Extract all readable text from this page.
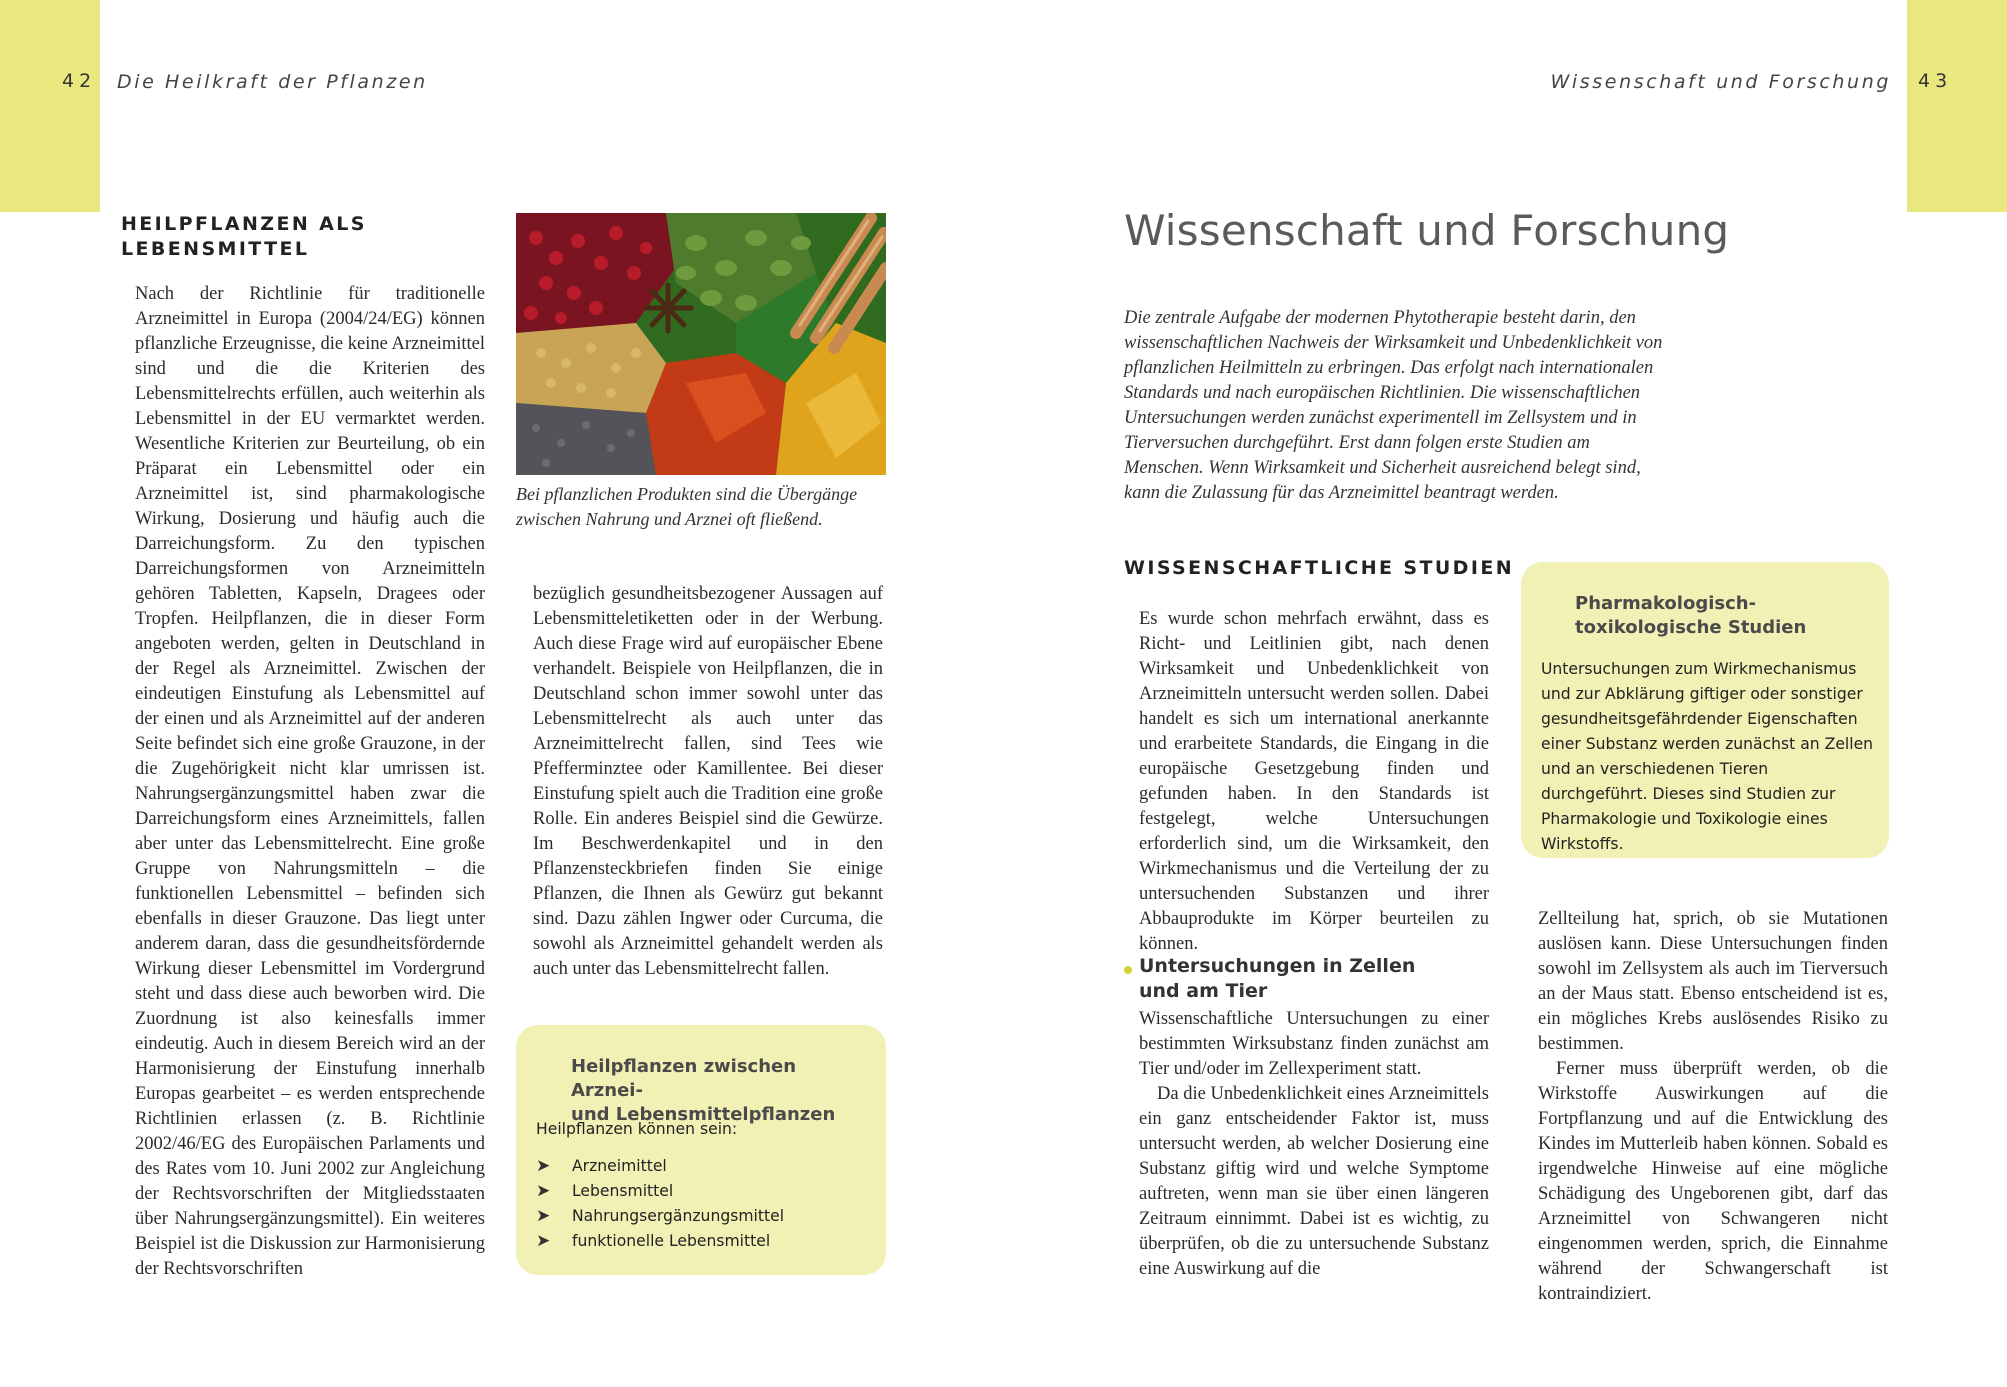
42 Die Heilkraft der Pflanzen	Wissenschaft und Forschung 43
HEILPFLANZEN ALS
LEBENSMITTEL

Nach der Richtlinie für traditionelle Arzneimittel in Europa (2004/24/EG) können pflanzliche Erzeugnisse, die keine Arzneimittel sind und die die Kriterien des Lebensmittelrechts erfüllen, auch weiterhin als Lebensmittel in der EU vermarktet werden. Wesentliche Kriterien zur Beurteilung, ob ein Präparat ein Lebensmittel oder ein Arzneimittel ist, sind pharmakologische Wirkung, Dosierung und häufig auch die Darreichungsform. Zu den typischen Darreichungsformen von Arzneimitteln gehören Tabletten, Kapseln, Dragees oder Tropfen. Heilpflanzen, die in dieser Form angeboten werden, gelten in Deutschland in der Regel als Arzneimittel. Zwischen der eindeutigen Einstufung als Lebensmittel auf der einen und als Arzneimittel auf der anderen Seite befindet sich eine große Grauzone, in der die Zugehörigkeit nicht klar umrissen ist. Nahrungsergänzungsmittel haben zwar die Darreichungsform eines Arzneimittels, fallen aber unter das Lebensmittelrecht. Eine große Gruppe von Nahrungsmitteln – die funktionellen Lebensmittel – befinden sich ebenfalls in dieser Grauzone. Das liegt unter anderem daran, dass die gesundheitsfördernde Wirkung dieser Lebensmittel im Vordergrund steht und dass diese auch beworben wird. Die Zuordnung ist also keinesfalls immer eindeutig. Auch in diesem Bereich wird an der Harmonisierung der Einstufung innerhalb Europas gearbeitet – es werden entsprechende Richtlinien erlassen (z. B. Richtlinie 2002/46/EG des Europäischen Parlaments und des Rates vom 10. Juni 2002 zur Angleichung der Rechtsvorschriften der Mitgliedsstaaten über Nahrungsergänzungsmittel). Ein weiteres Beispiel ist die Diskussion zur Harmonisierung der Rechtsvorschriften

Bei pflanzlichen Produkten sind die Übergänge zwischen Nahrung und Arznei oft fließend.

bezüglich gesundheitsbezogener Aussagen auf Lebensmitteletiketten oder in der Werbung. Auch diese Frage wird auf europäischer Ebene verhandelt. Beispiele von Heilpflanzen, die in Deutschland schon immer sowohl unter das Lebensmittelrecht als auch unter das Arzneimittelrecht fallen, sind Tees wie Pfefferminztee oder Kamillentee. Bei dieser Einstufung spielt auch die Tradition eine große Rolle. Ein anderes Beispiel sind die Gewürze. Im Beschwerdenkapitel und in den Pflanzensteckbriefen finden Sie einige Pflanzen, die Ihnen als Gewürz gut bekannt sind. Dazu zählen Ingwer oder Curcuma, die sowohl als Arzneimittel gehandelt werden als auch unter das Lebensmittelrecht fallen.

Heilpflanzen zwischen Arznei-
und Lebensmittelpflanzen
Heilpflanzen können sein:
➤	Arzneimittel
➤	Lebensmittel
➤	Nahrungsergänzungsmittel
➤	funktionelle Lebensmittel
Wissenschaft und Forschung
Die zentrale Aufgabe der modernen Phytotherapie besteht darin, den wissenschaftlichen Nachweis der Wirksamkeit und Unbedenklichkeit von pflanzlichen Heilmitteln zu erbringen. Das erfolgt nach internationalen Standards und nach europäischen Richtlinien. Die wissenschaftlichen Untersuchungen werden zunächst experimentell im Zellsystem und in Tierversuchen durchgeführt. Erst dann folgen erste Studien am Menschen. Wenn Wirksamkeit und Sicherheit ausreichend belegt sind, kann die Zulassung für das Arzneimittel beantragt werden.
WISSENSCHAFTLICHE STUDIEN

Es wurde schon mehrfach erwähnt, dass es Richt- und Leitlinien gibt, nach denen Wirksamkeit und Unbedenklichkeit von Arzneimitteln untersucht werden sollen. Dabei handelt es sich um international anerkannte und erarbeitete Standards, die Eingang in die europäische Gesetzgebung finden und gefunden haben. In den Standards ist festgelegt, welche Untersuchungen erforderlich sind, um die Wirksamkeit, den Wirkmechanismus und die Verteilung der zu untersuchenden Substanzen und ihrer Abbauprodukte im Körper beurteilen zu können.

Untersuchungen in Zellen
und am Tier

Wissenschaftliche Untersuchungen zu einer bestimmten Wirksubstanz finden zunächst am Tier und/oder im Zellexperiment statt.

Da die Unbedenklichkeit eines Arzneimittels ein ganz entscheidender Faktor ist, muss untersucht werden, ab welcher Dosierung eine Substanz giftig wird und welche Symptome auftreten, wenn man sie über einen längeren Zeitraum einnimmt. Dabei ist es wichtig, zu überprüfen, ob die zu untersuchende Substanz eine Auswirkung auf die

Pharmakologisch-
toxikologische Studien
Untersuchungen zum Wirkmechanismus und zur Abklärung giftiger oder sonstiger gesundheitsgefährdender Eigenschaften einer Substanz werden zunächst an Zellen und an verschiedenen Tieren durchgeführt. Dieses sind Studien zur Pharmakologie und Toxikologie eines Wirkstoffs.

Zellteilung hat, sprich, ob sie Mutationen auslösen kann. Diese Untersuchungen finden sowohl im Zellsystem als auch im Tierversuch an der Maus statt. Ebenso entscheidend ist es, ein mögliches Krebs auslösendes Risiko zu bestimmen.

Ferner muss überprüft werden, ob die Wirkstoffe Auswirkungen auf die Fortpflanzung und auf die Entwicklung des Kindes im Mutterleib haben können. Sobald es irgendwelche Hinweise auf eine mögliche Schädigung des Ungeborenen gibt, darf das Arzneimittel von Schwangeren nicht eingenommen werden, sprich, die Einnahme während der Schwangerschaft ist kontraindiziert.
